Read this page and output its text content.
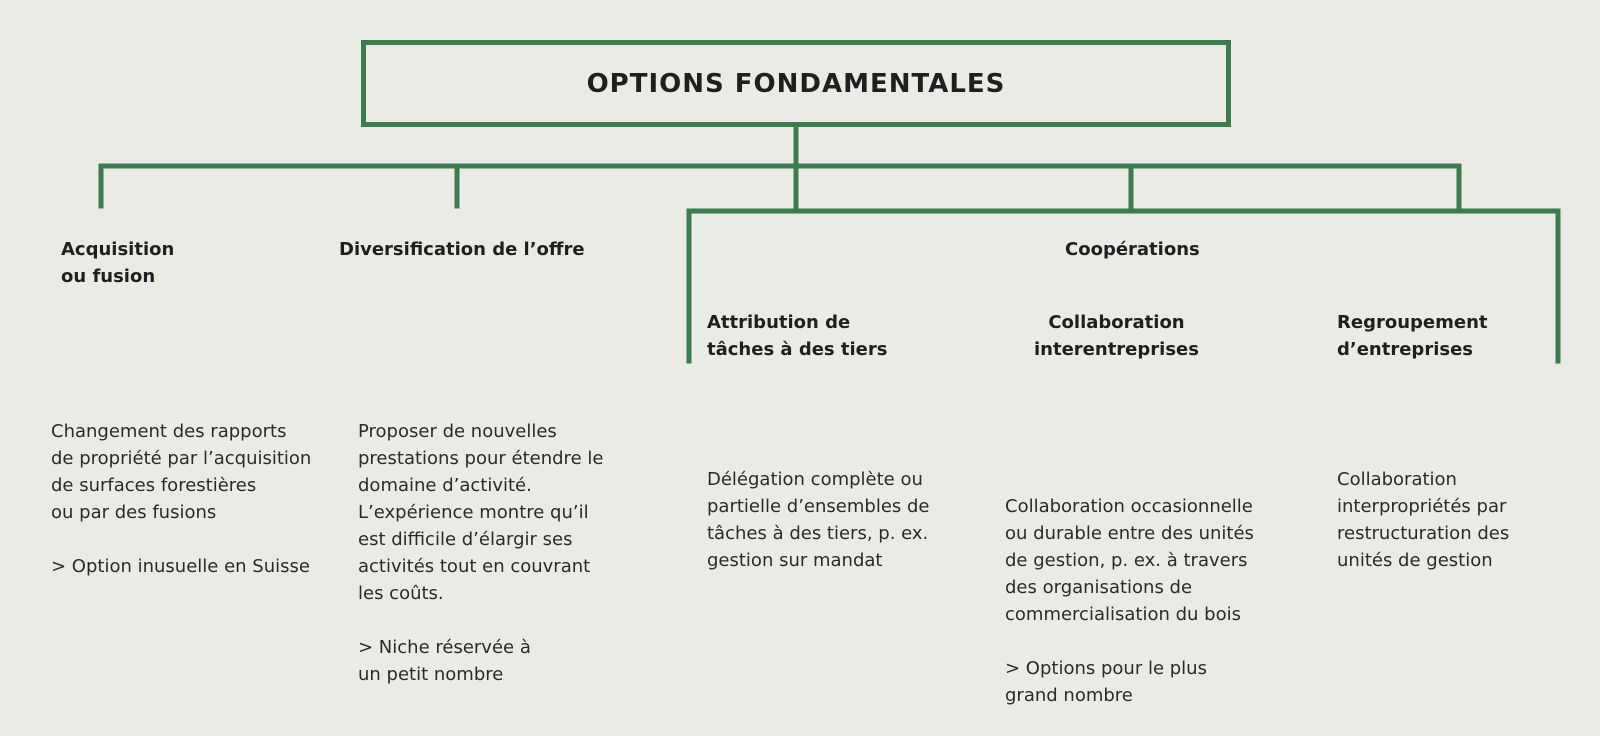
OPTIONS FONDAMENTALES
Acquisition
ou fusion

Changement des rapports
de propriété par l’acquisition
de surfaces forestières
ou par des fusions

> Option inusuelle en Suisse

Diversification de l’offre

Proposer de nouvelles
prestations pour étendre le
domaine d’activité.
L’expérience montre qu’il
est difficile d’élargir ses
activités tout en couvrant
les coûts.

> Niche réservée à
un petit nombre

Coopérations
Attribution de
tâches à des tiers
Délégation complète ou
partielle d’ensembles de
tâches à des tiers, p. ex.
gestion sur mandat
Collaboration
interentreprises

Collaboration occasionnelle
ou durable entre des unités
de gestion, p. ex. à travers
des organisations de
commercialisation du bois

> Options pour le plus
grand nombre

Regroupement
d’entreprises
Collaboration
interpropriétés par
restructuration des
unités de gestion
